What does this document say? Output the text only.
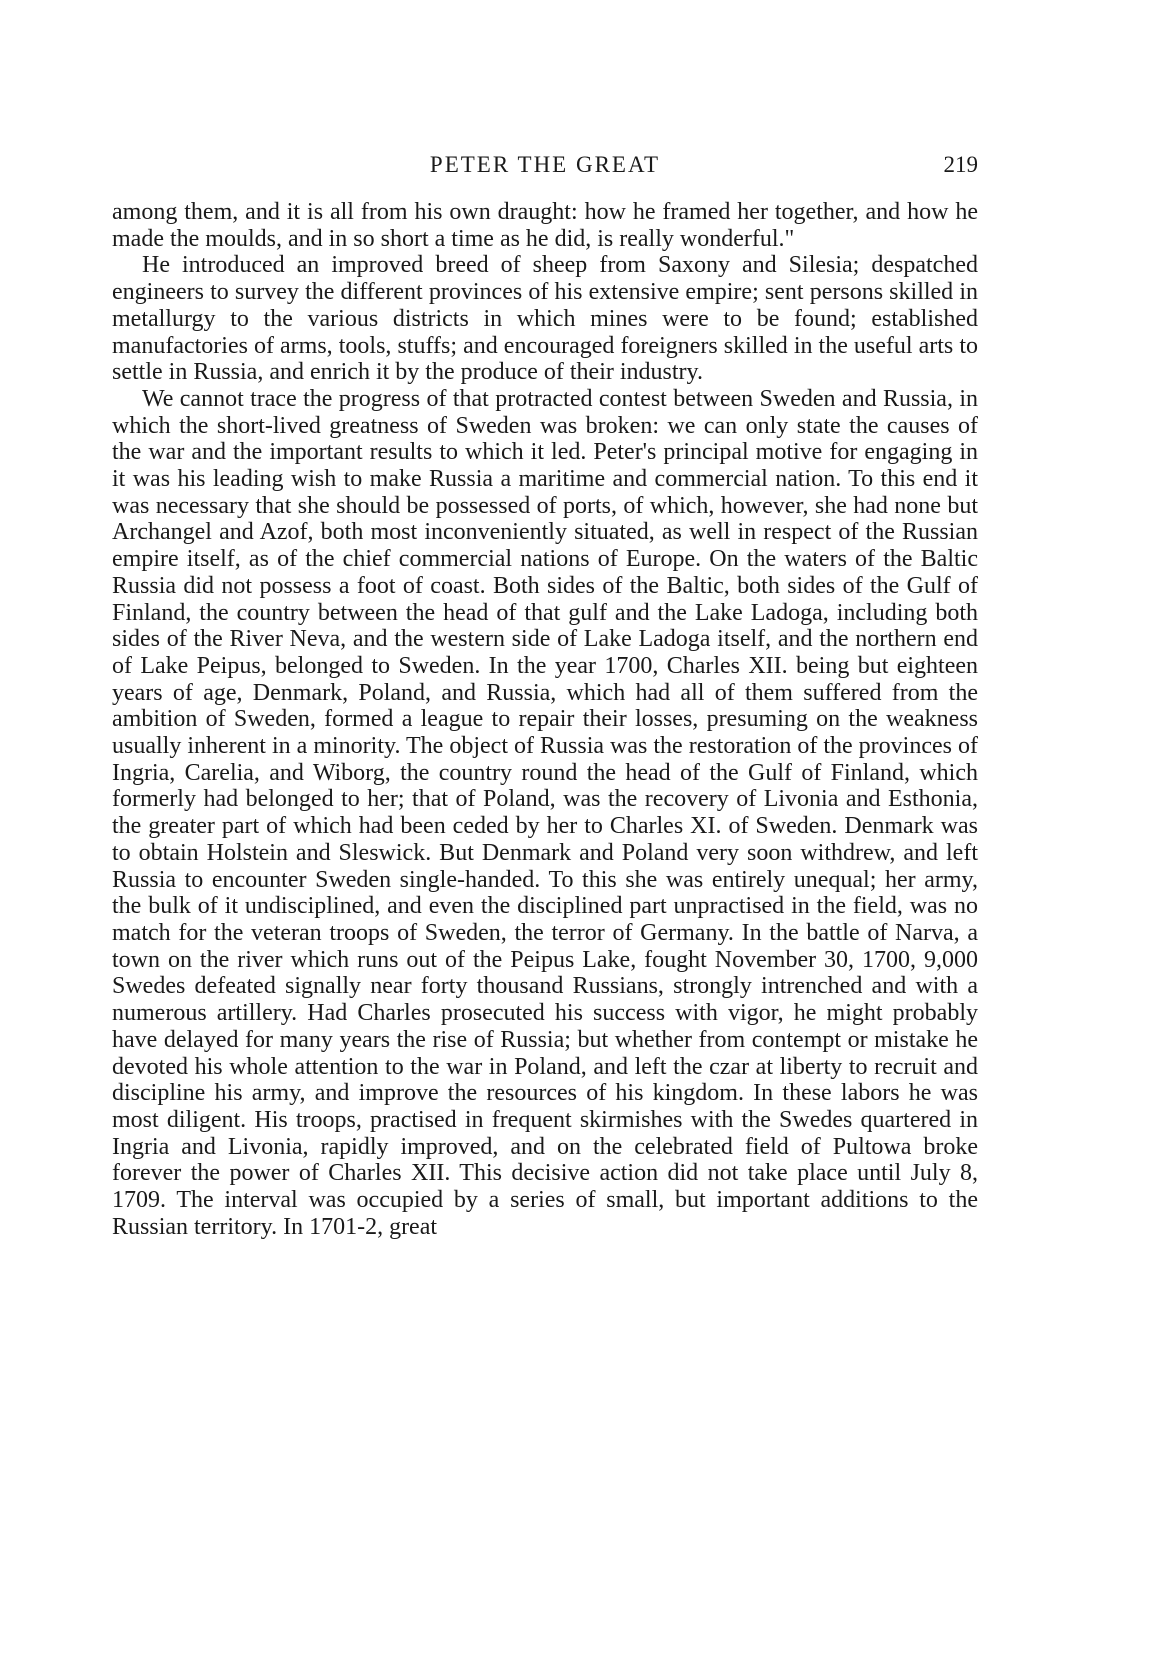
PETER THE GREAT	219

among them, and it is all from his own draught: how he framed her together, and how he made the moulds, and in so short a time as he did, is really wonderful."

He introduced an improved breed of sheep from Saxony and Silesia; despatched engineers to survey the different provinces of his extensive empire; sent persons skilled in metallurgy to the various districts in which mines were to be found; established manufactories of arms, tools, stuffs; and encouraged foreigners skilled in the useful arts to settle in Russia, and enrich it by the produce of their industry.

We cannot trace the progress of that protracted contest between Sweden and Russia, in which the short-lived greatness of Sweden was broken: we can only state the causes of the war and the important results to which it led. Peter's principal motive for engaging in it was his leading wish to make Russia a maritime and commercial nation. To this end it was necessary that she should be possessed of ports, of which, however, she had none but Archangel and Azof, both most inconveniently situated, as well in respect of the Russian empire itself, as of the chief commercial nations of Europe. On the waters of the Baltic Russia did not possess a foot of coast. Both sides of the Baltic, both sides of the Gulf of Finland, the country between the head of that gulf and the Lake Ladoga, including both sides of the River Neva, and the western side of Lake Ladoga itself, and the northern end of Lake Peipus, belonged to Sweden. In the year 1700, Charles XII. being but eighteen years of age, Denmark, Poland, and Russia, which had all of them suffered from the ambition of Sweden, formed a league to repair their losses, presuming on the weakness usually inherent in a minority. The object of Russia was the restoration of the provinces of Ingria, Carelia, and Wiborg, the country round the head of the Gulf of Finland, which formerly had belonged to her; that of Poland, was the recovery of Livonia and Esthonia, the greater part of which had been ceded by her to Charles XI. of Sweden. Denmark was to obtain Holstein and Sleswick. But Denmark and Poland very soon withdrew, and left Russia to encounter Sweden single-handed. To this she was entirely unequal; her army, the bulk of it undisciplined, and even the disciplined part unpractised in the field, was no match for the veteran troops of Sweden, the terror of Germany. In the battle of Narva, a town on the river which runs out of the Peipus Lake, fought November 30, 1700, 9,000 Swedes defeated signally near forty thousand Russians, strongly intrenched and with a numerous artillery. Had Charles prosecuted his success with vigor, he might probably have delayed for many years the rise of Russia; but whether from contempt or mistake he devoted his whole attention to the war in Poland, and left the czar at liberty to recruit and discipline his army, and improve the resources of his kingdom. In these labors he was most diligent. His troops, practised in frequent skirmishes with the Swedes quartered in Ingria and Livonia, rapidly improved, and on the celebrated field of Pultowa broke forever the power of Charles XII. This decisive action did not take place until July 8, 1709. The interval was occupied by a series of small, but important additions to the Russian territory. In 1701-2, great
